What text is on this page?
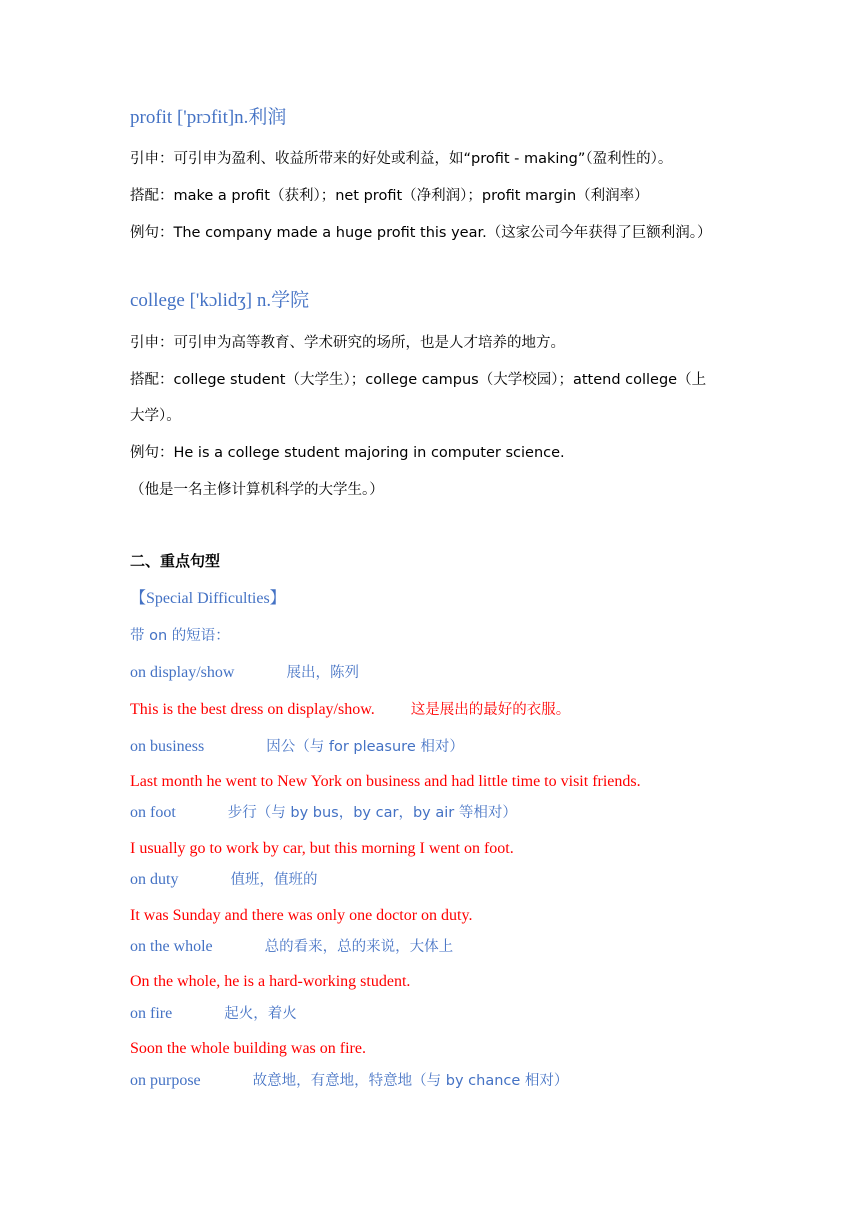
profit ['prɔfit]n.利润
引申：可引申为盈利、收益所带来的好处或利益，如“profit - making”（盈利性的）。
搭配：make a profit（获利）；net profit（净利润）；profit margin（利润率）
例句：The company made a huge profit this year.（这家公司今年获得了巨额利润。）
college ['kɔlidʒ] n.学院
引申：可引申为高等教育、学术研究的场所，也是人才培养的地方。
搭配：college student（大学生）；college campus（大学校园）；attend college（上
大学）。
例句：He is a college student majoring in computer science.
（他是一名主修计算机科学的大学生。）
二、重点句型
【Special Difficulties】
带 on 的短语：
on display/show	展出，陈列
This is the best dress on display/show. 这是展出的最好的衣服。
on business	因公（与 for pleasure 相对）
Last month he went to New York on business and had little time to visit friends.
on foot	步行（与 by bus，by car，by air 等相对）
I usually go to work by car, but this morning I went on foot.
on duty	值班，值班的
It was Sunday and there was only one doctor on duty.
on the whole	总的看来，总的来说，大体上
On the whole, he is a hard-working student.
on fire	起火，着火
Soon the whole building was on fire.
on purpose	故意地，有意地，特意地（与 by chance 相对）
